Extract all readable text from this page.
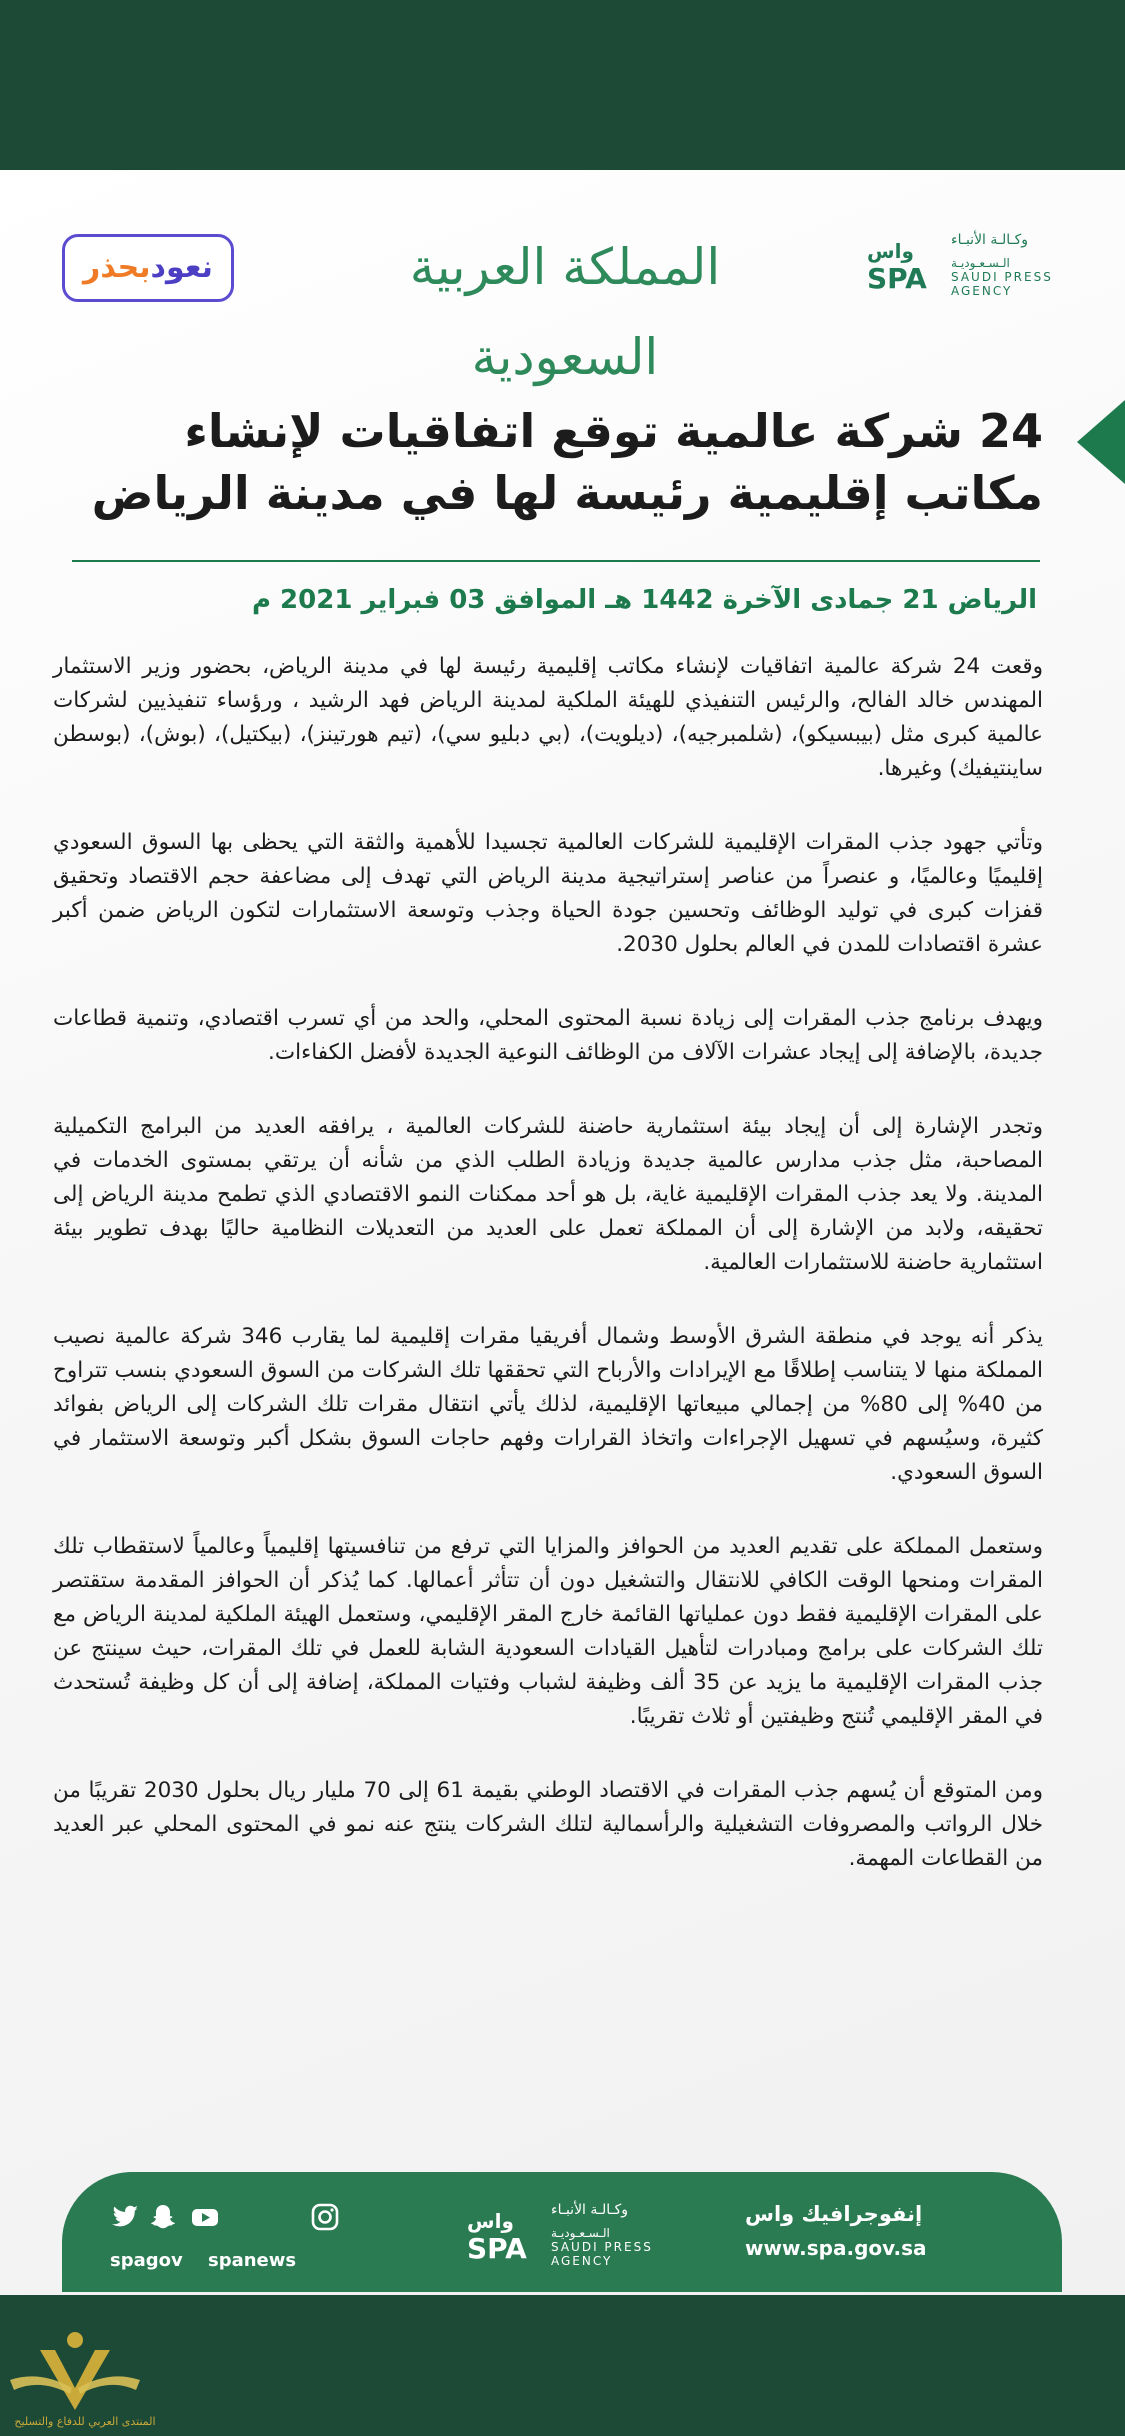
واس
SPA
وكـالـة الأنبـاء
الـسـعـوديـة
SAUDI PRESS
AGENCY
المملكة العربية السعودية
نعودبحذر
24 شركة عالمية توقع اتفاقيات لإنشاء مكاتب إقليمية رئيسة لها في مدينة الرياض
الرياض 21 جمادى الآخرة 1442 هـ الموافق 03 فبراير 2021 م

وقعت 24 شركة عالمية اتفاقيات لإنشاء مكاتب إقليمية رئيسة لها في مدينة الرياض، بحضور وزير الاستثمار المهندس خالد الفالح، والرئيس التنفيذي للهيئة الملكية لمدينة الرياض فهد الرشيد ، ورؤساء تنفيذيين لشركات عالمية كبرى مثل (بيبسيكو)، (شلمبرجيه)، (ديلويت)، (بي دبليو سي)، (تيم هورتينز)، (بيكتيل)، (بوش)، (بوسطن ساينتيفيك) وغيرها.

وتأتي جهود جذب المقرات الإقليمية للشركات العالمية تجسيدا للأهمية والثقة التي يحظى بها السوق السعودي إقليميًا وعالميًا، و عنصراً من عناصر إستراتيجية مدينة الرياض التي تهدف إلى مضاعفة حجم الاقتصاد وتحقيق قفزات كبرى في توليد الوظائف وتحسين جودة الحياة وجذب وتوسعة الاستثمارات لتكون الرياض ضمن أكبر عشرة اقتصادات للمدن في العالم بحلول 2030.

ويهدف برنامج جذب المقرات إلى زيادة نسبة المحتوى المحلي، والحد من أي تسرب اقتصادي، وتنمية قطاعات جديدة، بالإضافة إلى إيجاد عشرات الآلاف من الوظائف النوعية الجديدة لأفضل الكفاءات.

وتجدر الإشارة إلى أن إيجاد بيئة استثمارية حاضنة للشركات العالمية ، يرافقه العديد من البرامج التكميلية المصاحبة، مثل جذب مدارس عالمية جديدة وزيادة الطلب الذي من شأنه أن يرتقي بمستوى الخدمات في المدينة. ولا يعد جذب المقرات الإقليمية غاية، بل هو أحد ممكنات النمو الاقتصادي الذي تطمح مدينة الرياض إلى تحقيقه، ولابد من الإشارة إلى أن المملكة تعمل على العديد من التعديلات النظامية حاليًا بهدف تطوير بيئة استثمارية حاضنة للاستثمارات العالمية.

يذكر أنه يوجد في منطقة الشرق الأوسط وشمال أفريقيا مقرات إقليمية لما يقارب 346 شركة عالمية نصيب المملكة منها لا يتناسب إطلاقًا مع الإيرادات والأرباح التي تحققها تلك الشركات من السوق السعودي بنسب تتراوح من 40% إلى 80% من إجمالي مبيعاتها الإقليمية، لذلك يأتي انتقال مقرات تلك الشركات إلى الرياض بفوائد كثيرة، وسيُسهم في تسهيل الإجراءات واتخاذ القرارات وفهم حاجات السوق بشكل أكبر وتوسعة الاستثمار في السوق السعودي.

وستعمل المملكة على تقديم العديد من الحوافز والمزايا التي ترفع من تنافسيتها إقليمياً وعالمياً لاستقطاب تلك المقرات ومنحها الوقت الكافي للانتقال والتشغيل دون أن تتأثر أعمالها. كما يُذكر أن الحوافز المقدمة ستقتصر على المقرات الإقليمية فقط دون عملياتها القائمة خارج المقر الإقليمي، وستعمل الهيئة الملكية لمدينة الرياض مع تلك الشركات على برامج ومبادرات لتأهيل القيادات السعودية الشابة للعمل في تلك المقرات، حيث سينتج عن جذب المقرات الإقليمية ما يزيد عن 35 ألف وظيفة لشباب وفتيات المملكة، إضافة إلى أن كل وظيفة تُستحدث في المقر الإقليمي تُنتج وظيفتين أو ثلاث تقريبًا.

ومن المتوقع أن يُسهم جذب المقرات في الاقتصاد الوطني بقيمة 61 إلى 70 مليار ريال بحلول 2030 تقريبًا من خلال الرواتب والمصروفات التشغيلية والرأسمالية لتلك الشركات ينتج عنه نمو في المحتوى المحلي عبر العديد من القطاعات المهمة.

spagov spanews
واس
SPA
وكـالـة الأنبـاء
الـسـعـوديـة
SAUDI PRESS
AGENCY
إنفوجرافيك واس
www.spa.gov.sa
المنتدى العربي للدفاع والتسليح
